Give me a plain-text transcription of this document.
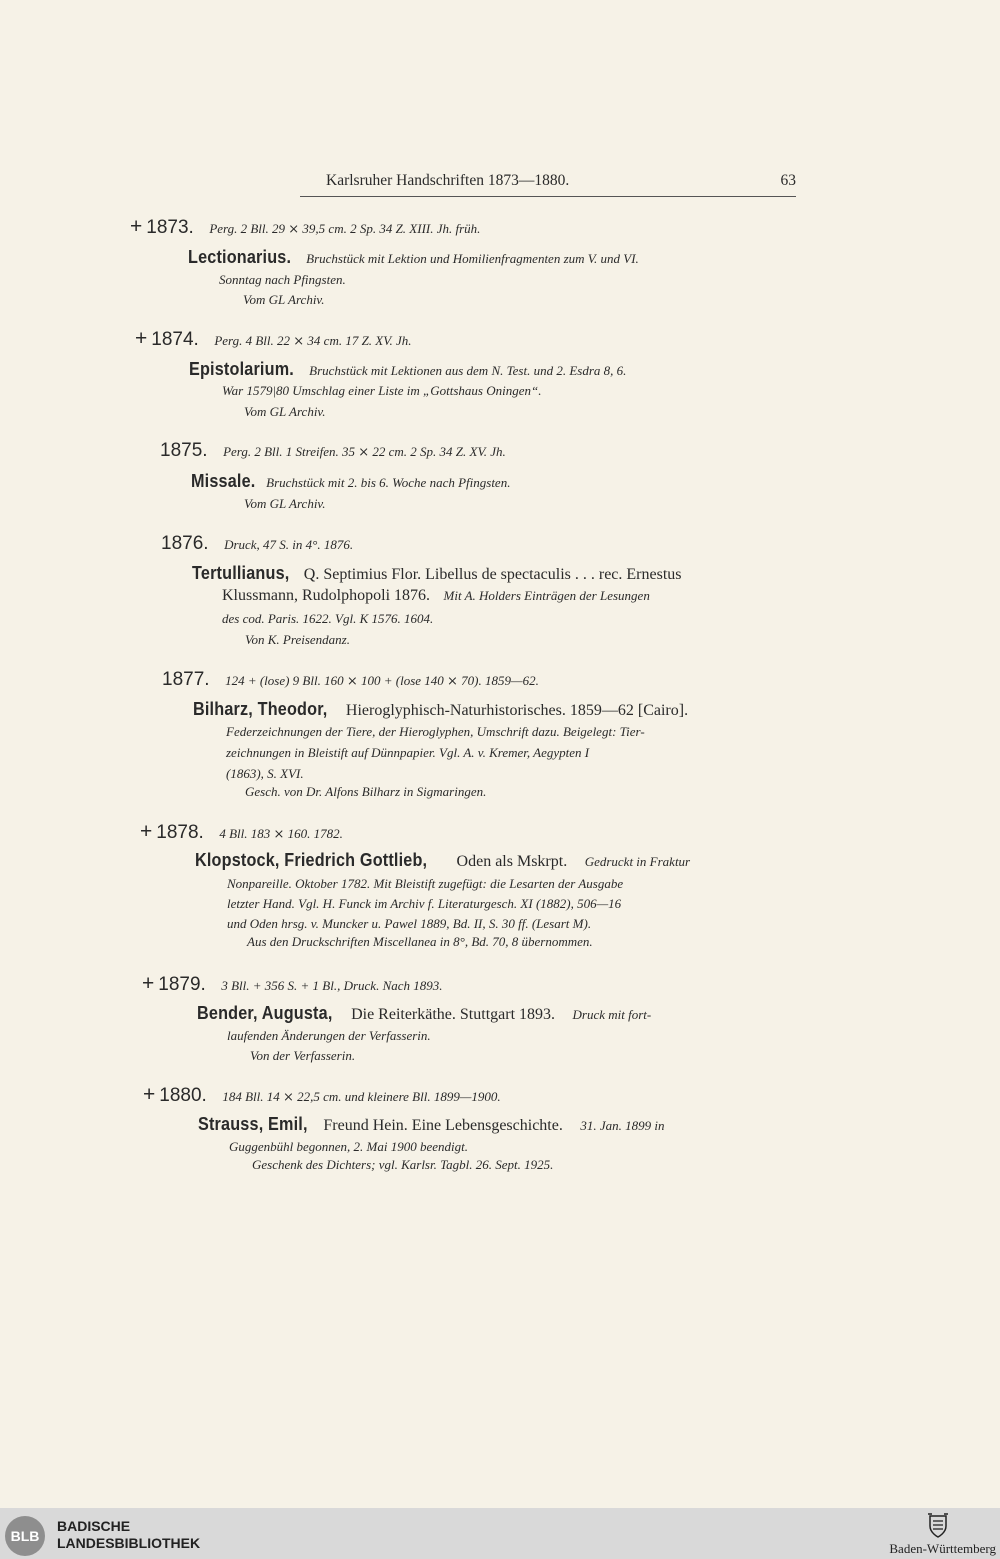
Karlsruher Handschriften 1873—1880.	63
+ 1873. Perg. 2 Bll. 29 ⨯ 39,5 cm. 2 Sp. 34 Z. XIII. Jh. früh.
Lectionarius. Bruchstück mit Lektion und Homilienfragmenten zum V. und VI.
Sonntag nach Pfingsten.
Vom GL Archiv.
+ 1874. Perg. 4 Bll. 22 ⨯ 34 cm. 17 Z. XV. Jh.
Epistolarium. Bruchstück mit Lektionen aus dem N. Test. und 2. Esdra 8, 6.
War 1579|80 Umschlag einer Liste im „Gottshaus Oningen“.
Vom GL Archiv.
1875. Perg. 2 Bll. 1 Streifen. 35 ⨯ 22 cm. 2 Sp. 34 Z. XV. Jh.
Missale. Bruchstück mit 2. bis 6. Woche nach Pfingsten.
Vom GL Archiv.
1876. Druck, 47 S. in 4°. 1876.
Tertullianus, Q. Septimius Flor. Libellus de spectaculis . . . rec. Ernestus
Klussmann, Rudolphopoli 1876. Mit A. Holders Einträgen der Lesungen
des cod. Paris. 1622. Vgl. K 1576. 1604.
Von K. Preisendanz.
1877. 124 + (lose) 9 Bll. 160 ⨯ 100 + (lose 140 ⨯ 70). 1859—62.
Bilharz, Theodor, Hieroglyphisch-Naturhistorisches. 1859—62 [Cairo].
Federzeichnungen der Tiere, der Hieroglyphen, Umschrift dazu. Beigelegt: Tier-
zeichnungen in Bleistift auf Dünnpapier. Vgl. A. v. Kremer, Aegypten I
(1863), S. XVI.
Gesch. von Dr. Alfons Bilharz in Sigmaringen.
+ 1878. 4 Bll. 183 ⨯ 160. 1782.
Klopstock, Friedrich Gottlieb, Oden als Mskrpt. Gedruckt in Fraktur
Nonpareille. Oktober 1782. Mit Bleistift zugefügt: die Lesarten der Ausgabe
letzter Hand. Vgl. H. Funck im Archiv f. Literaturgesch. XI (1882), 506—16
und Oden hrsg. v. Muncker u. Pawel 1889, Bd. II, S. 30 ff. (Lesart M).
Aus den Druckschriften Miscellanea in 8°, Bd. 70, 8 übernommen.
+ 1879. 3 Bll. + 356 S. + 1 Bl., Druck. Nach 1893.
Bender, Augusta, Die Reiterkäthe. Stuttgart 1893. Druck mit fort-
laufenden Änderungen der Verfasserin.
Von der Verfasserin.
+ 1880. 184 Bll. 14 ⨯ 22,5 cm. und kleinere Bll. 1899—1900.
Strauss, Emil, Freund Hein. Eine Lebensgeschichte. 31. Jan. 1899 in
Guggenbühl begonnen, 2. Mai 1900 beendigt.
Geschenk des Dichters; vgl. Karlsr. Tagbl. 26. Sept. 1925.
BLB
BADISCHE
LANDESBIBLIOTHEK	Baden-Württemberg
